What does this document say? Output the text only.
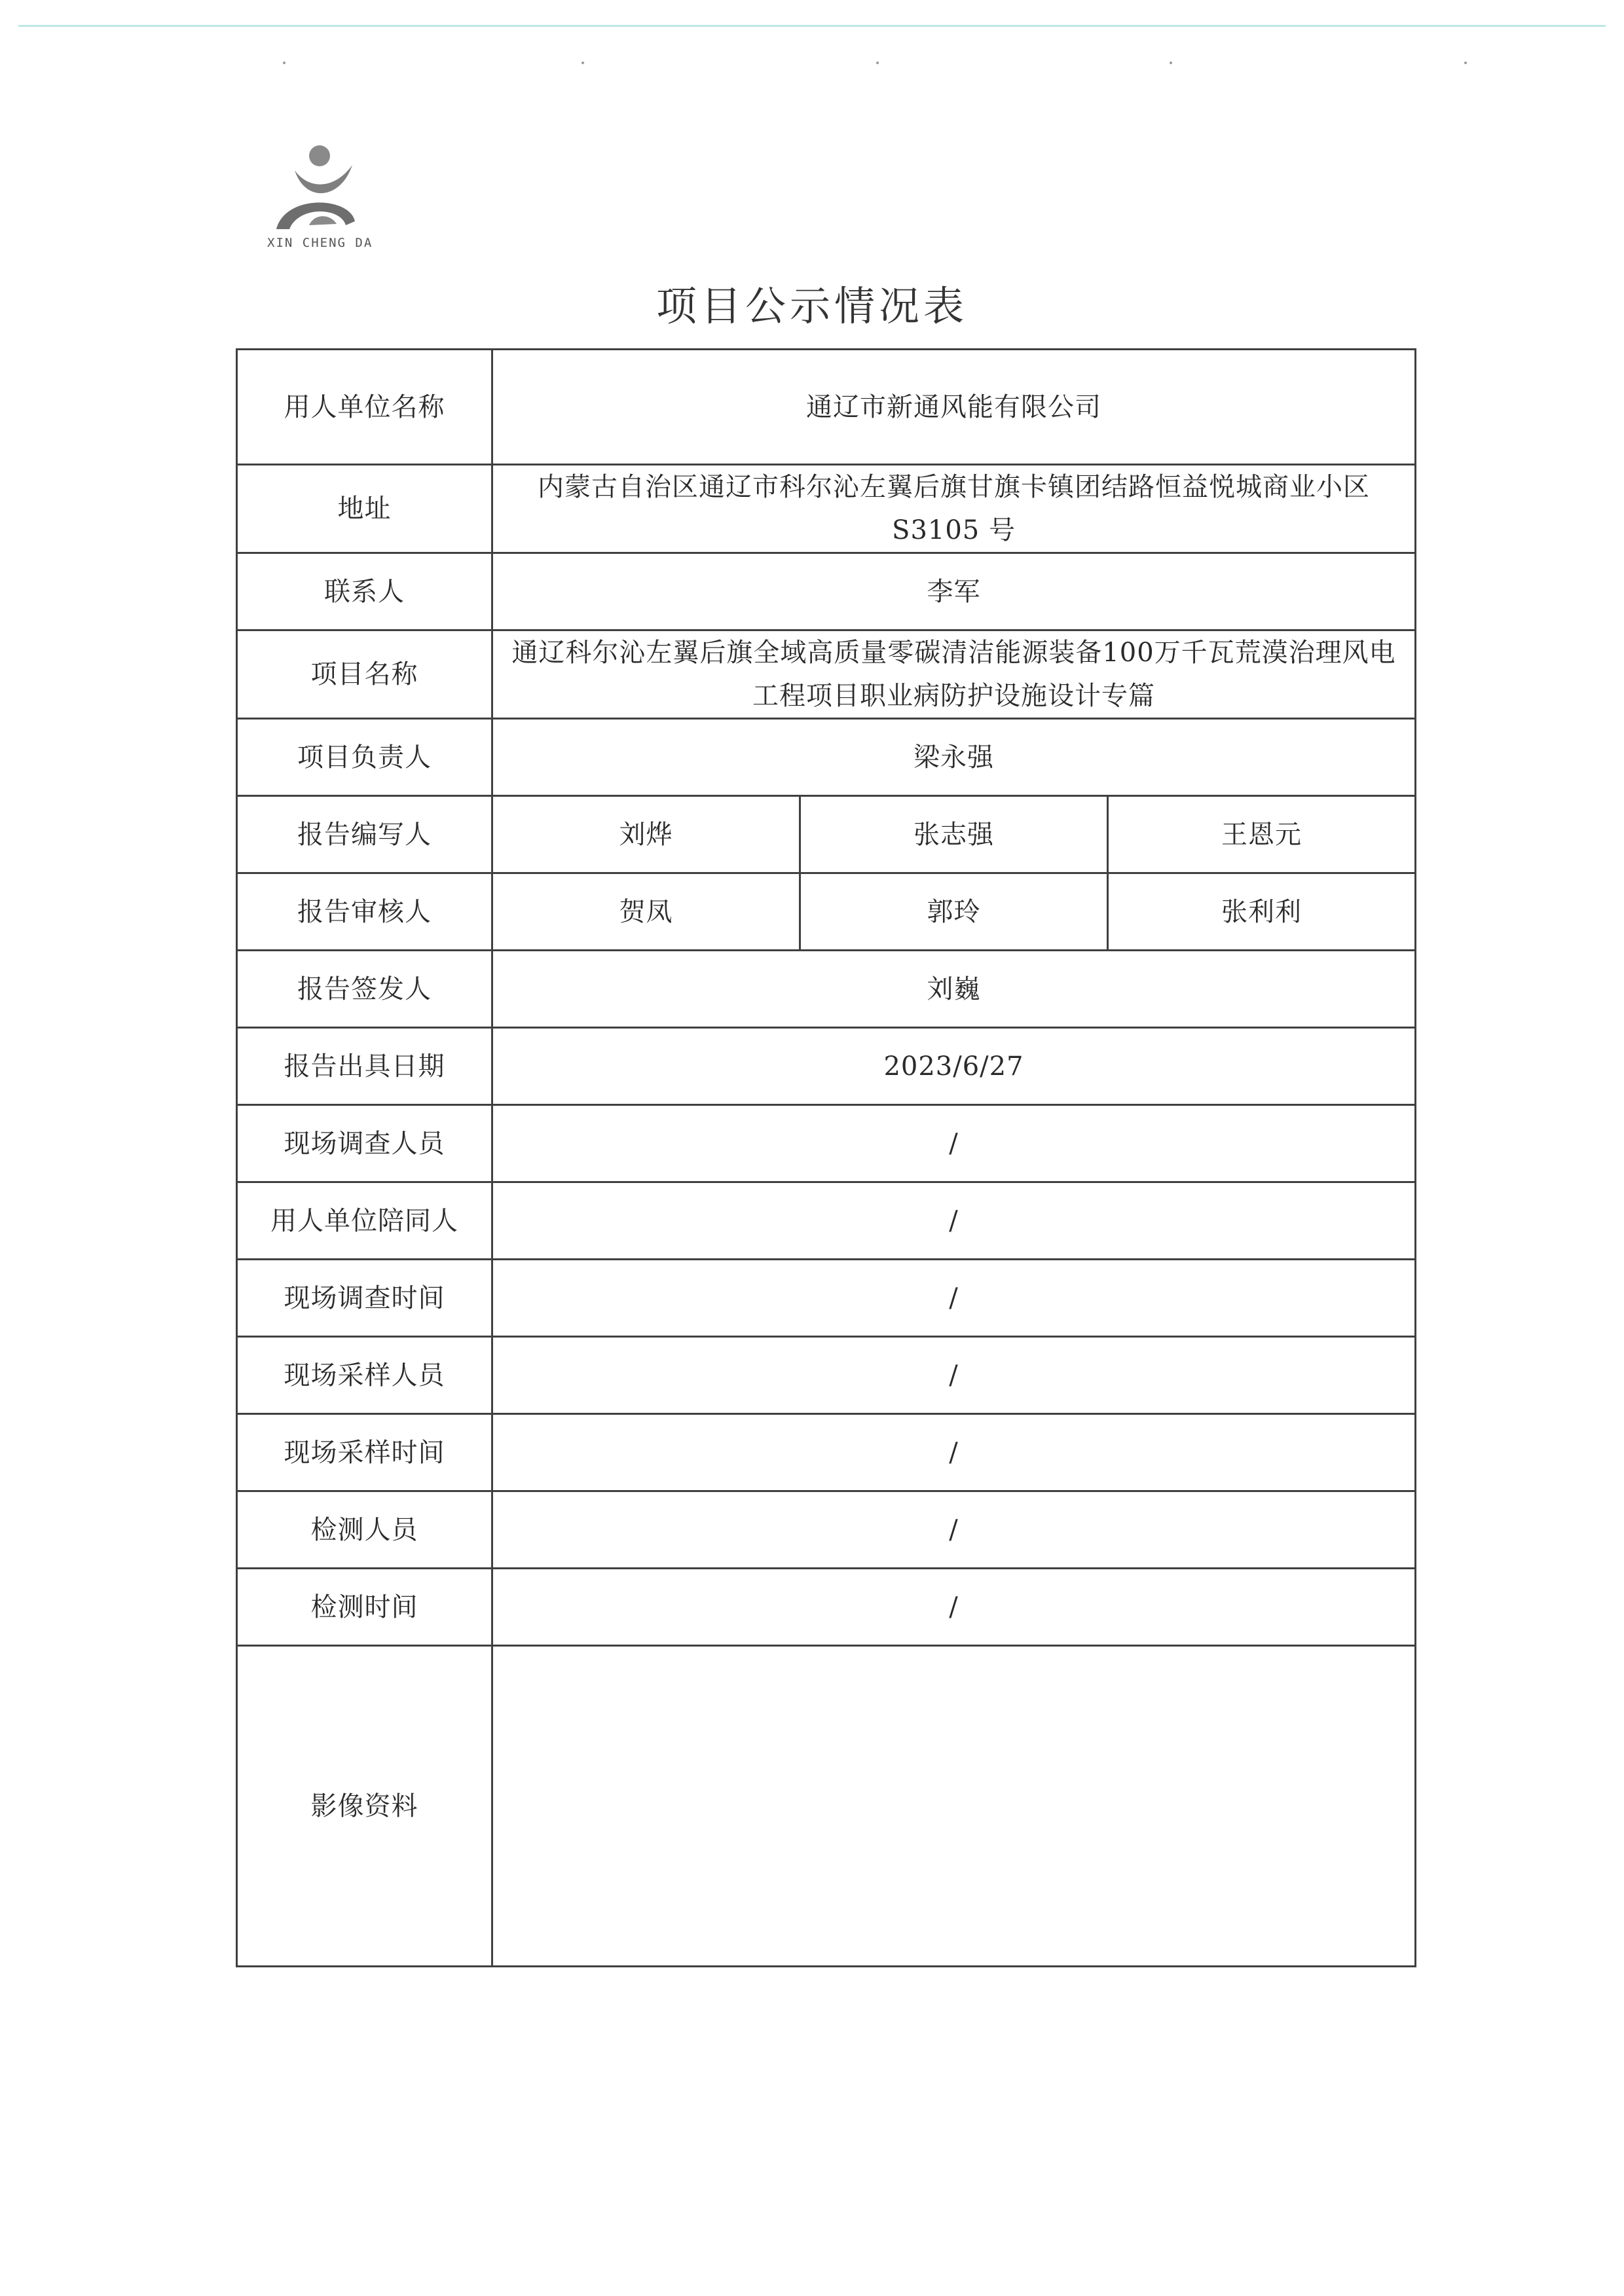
XIN CHENG DA
项目公示情况表
用人单位名称	通辽市新通风能有限公司		
地址	内蒙古自治区通辽市科尔沁左翼后旗甘旗卡镇团结路恒益悦城商业小区 S3105 号		
联系人	李军		
项目名称	通辽科尔沁左翼后旗全域高质量零碳清洁能源装备100万千瓦荒漠治理风电工程项目职业病防护设施设计专篇		
项目负责人	梁永强		
报告编写人	刘烨	张志强	王恩元
报告审核人	贺凤	郭玲	张利利
报告签发人	刘巍		
报告出具日期	2023/6/27		
现场调查人员	/		
用人单位陪同人	/		
现场调查时间	/		
现场采样人员	/		
现场采样时间	/		
检测人员	/		
检测时间	/		
影像资料			
